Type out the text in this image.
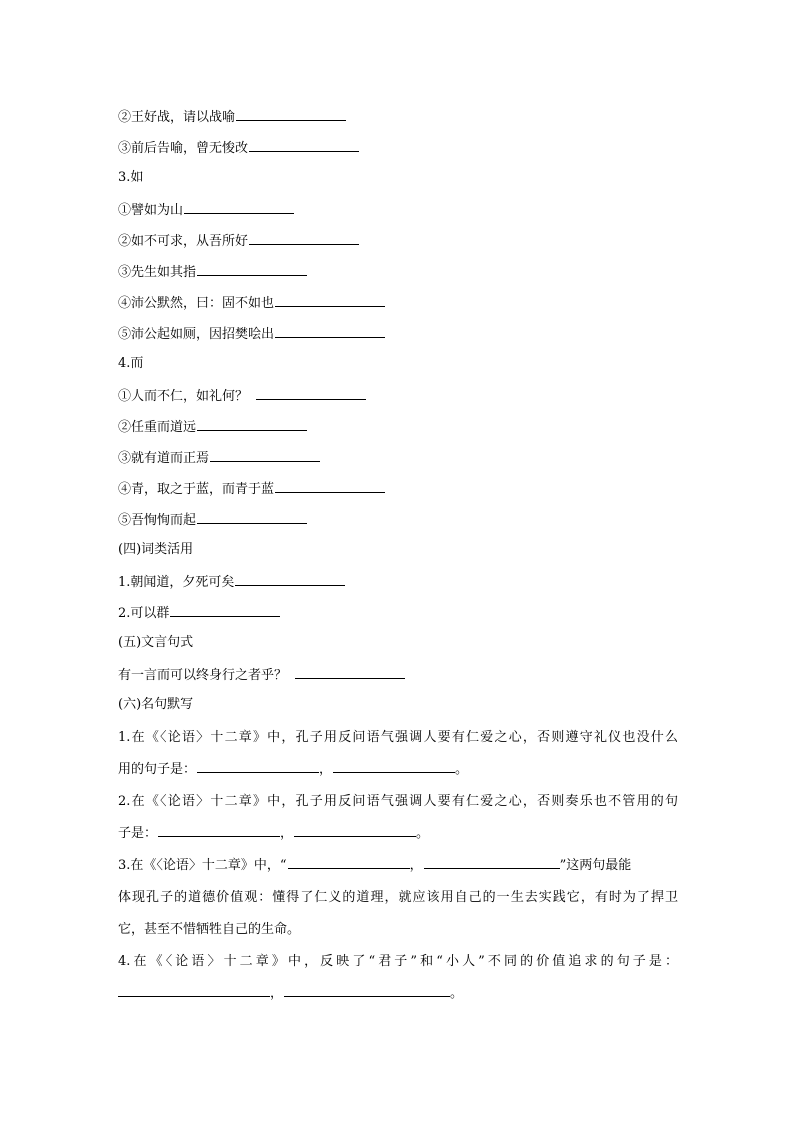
②王好战，请以战喻
③前后告喻，曾无悛改
3.如
①譬如为山
②如不可求，从吾所好
③先生如其指
④沛公默然，曰：固不如也
⑤沛公起如厕，因招樊哙出
4.而
①人而不仁，如礼何？
②任重而道远
③就有道而正焉
④青，取之于蓝，而青于蓝
⑤吾恂恂而起
(四)词类活用
1.朝闻道，夕死可矣
2.可以群
(五)文言句式
有一言而可以终身行之者乎？
(六)名句默写
1.在《〈论语〉十二章》中，孔子用反问语气强调人要有仁爱之心，否则遵守礼仪也没什么
用的句子是：	，	。
2.在《〈论语〉十二章》中，孔子用反问语气强调人要有仁爱之心，否则奏乐也不管用的句
子是：	，	。
3.在《〈论语〉十二章》中，“	，	”这两句最能
体现孔子的道德价值观：懂得了仁义的道理，就应该用自己的一生去实践它，有时为了捍卫
它，甚至不惜牺牲自己的生命。
4.在《〈论语〉十二章》中，反映了“君子”和“小人”不同的价值追求的句子是：
，	。
